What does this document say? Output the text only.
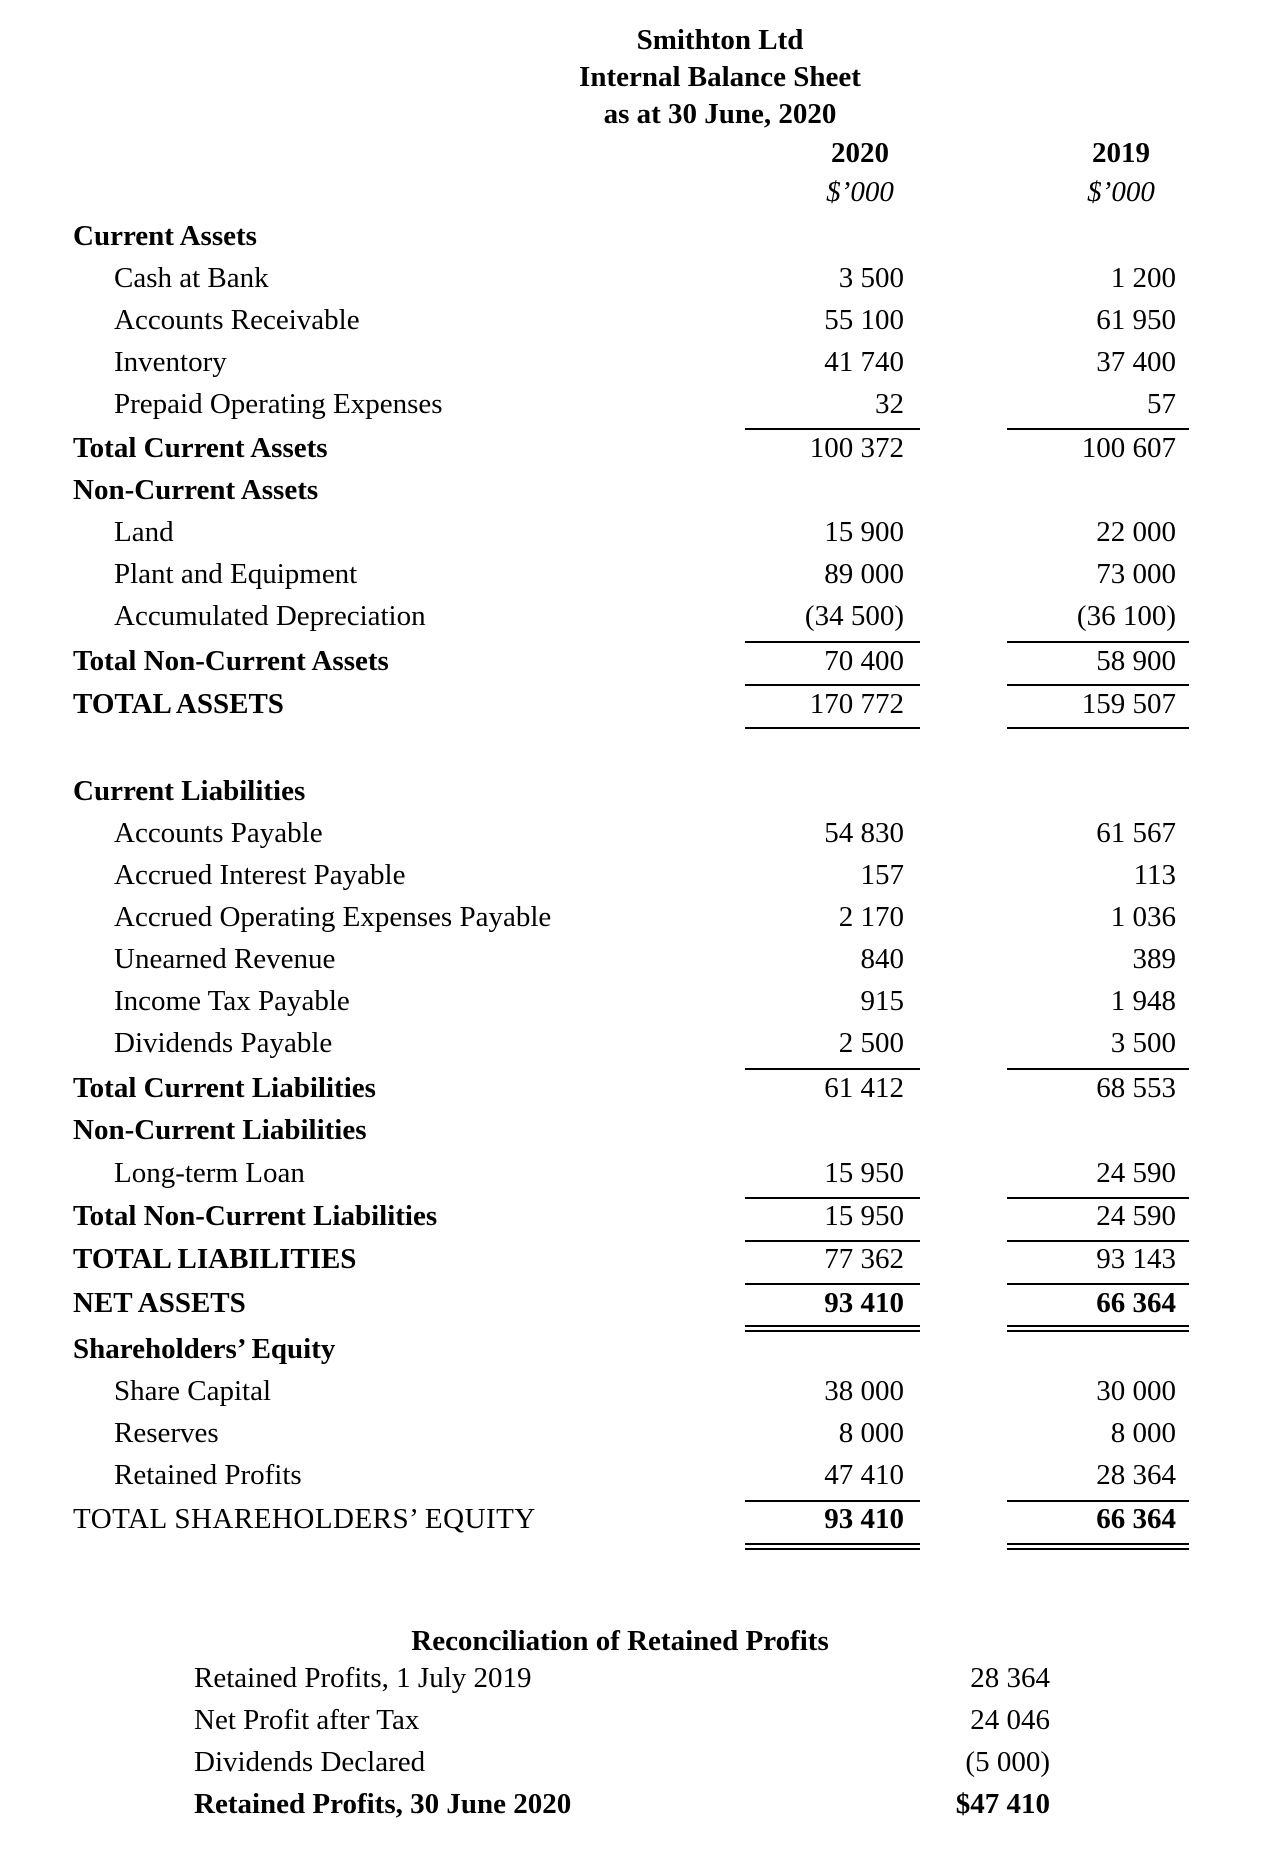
Smithton Ltd
Internal Balance Sheet
as at 30 June, 2020
2020	2019
$’000	$’000
Current Assets
Cash at Bank	3 500	1 200
Accounts Receivable	55 100	61 950
Inventory	41 740	37 400
Prepaid Operating Expenses	32	57
Total Current Assets	100 372	100 607
Non-Current Assets
Land	15 900	22 000
Plant and Equipment	89 000	73 000
Accumulated Depreciation	(34 500)	(36 100)
Total Non-Current Assets	70 400	58 900
TOTAL ASSETS	170 772	159 507
Current Liabilities
Accounts Payable	54 830	61 567
Accrued Interest Payable	157	113
Accrued Operating Expenses Payable	2 170	1 036
Unearned Revenue	840	389
Income Tax Payable	915	1 948
Dividends Payable	2 500	3 500
Total Current Liabilities	61 412	68 553
Non-Current Liabilities
Long-term Loan	15 950	24 590
Total Non-Current Liabilities	15 950	24 590
TOTAL LIABILITIES	77 362	93 143
NET ASSETS	93 410	66 364
Shareholders’ Equity
Share Capital	38 000	30 000
Reserves	8 000	8 000
Retained Profits	47 410	28 364
TOTAL SHAREHOLDERS’ EQUITY	93 410	66 364
Reconciliation of Retained Profits
Retained Profits, 1 July 2019	28 364
Net Profit after Tax	24 046
Dividends Declared	(5 000)
Retained Profits, 30 June 2020	$47 410
